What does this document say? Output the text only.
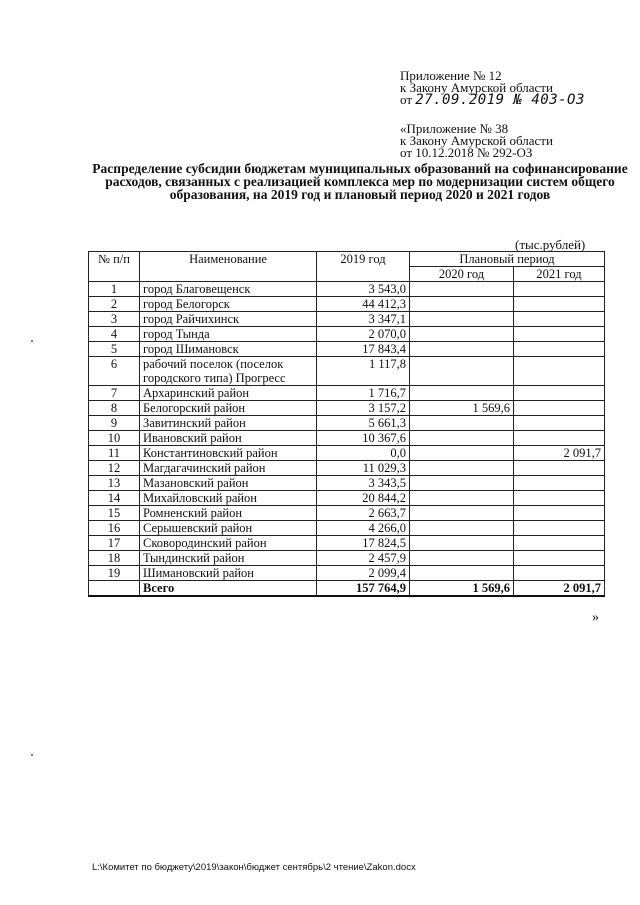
Приложение № 12
к Закону Амурской области
от 27.09.2019 № 403-ОЗ
«Приложение № 38
к Закону Амурской области
от 10.12.2018 № 292-ОЗ
Распределение субсидии бюджетам муниципальных образований на софинансирование расходов, связанных с реализацией комплекса мер по модернизации систем общего образования, на 2019 год и плановый период 2020 и 2021 годов
(тыс.рублей)
№ п/п	Наименование	2019 год	Плановый период	
			2020 год	2021 год
1	город Благовещенск	3 543,0		
2	город Белогорск	44 412,3		
3	город Райчихинск	3 347,1		
4	город Тында	2 070,0		
5	город Шимановск	17 843,4		
6	рабочий поселок (поселок городского типа) Прогресс	1 117,8		
7	Архаринский район	1 716,7		
8	Белогорский район	3 157,2	1 569,6	
9	Завитинский район	5 661,3		
10	Ивановский район	10 367,6		
11	Константиновский район	0,0		2 091,7
12	Магдагачинский район	11 029,3		
13	Мазановский район	3 343,5		
14	Михайловский район	20 844,2		
15	Ромненский район	2 663,7		
16	Серышевский район	4 266,0		
17	Сковородинский район	17 824,5		
18	Тындинский район	2 457,9		
19	Шимановский район	2 099,4		
	Всего	157 764,9	1 569,6	2 091,7
»
L:\Комитет по бюджету\2019\закон\бюджет сентябрь\2 чтение\Zakon.docx
